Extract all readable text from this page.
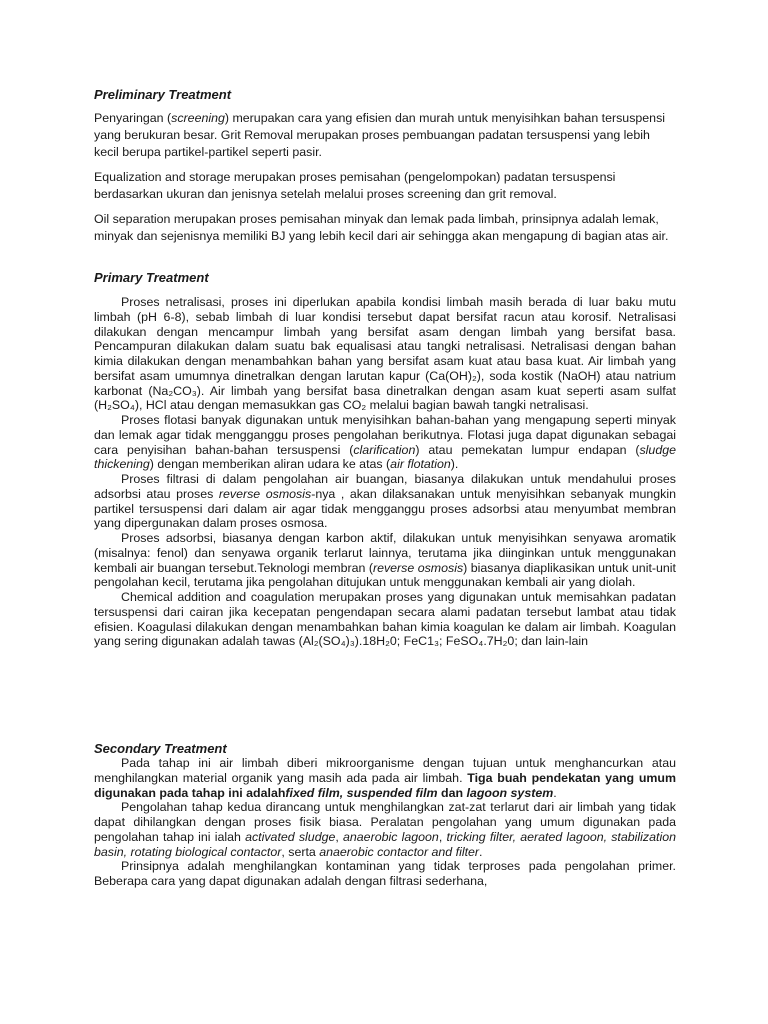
Preliminary Treatment

Penyaringan (screening) merupakan cara yang efisien dan murah untuk menyisihkan bahan tersuspensi yang berukuran besar. Grit Removal merupakan proses pembuangan padatan tersuspensi yang lebih kecil berupa partikel-partikel seperti pasir.

Equalization and storage merupakan proses pemisahan (pengelompokan) padatan tersuspensi berdasarkan ukuran dan jenisnya setelah melalui proses screening dan grit removal.

Oil separation merupakan proses pemisahan minyak dan lemak pada limbah, prinsipnya adalah lemak, minyak dan sejenisnya memiliki BJ yang lebih kecil dari air sehingga akan mengapung di bagian atas air.

Primary Treatment

Proses netralisasi, proses ini diperlukan apabila kondisi limbah masih berada di luar baku mutu limbah (pH 6-8), sebab limbah di luar kondisi tersebut dapat bersifat racun atau korosif. Netralisasi dilakukan dengan mencampur limbah yang bersifat asam dengan limbah yang bersifat basa. Pencampuran dilakukan dalam suatu bak equalisasi atau tangki netralisasi. Netralisasi dengan bahan kimia dilakukan dengan menambahkan bahan yang bersifat asam kuat atau basa kuat. Air limbah yang bersifat asam umumnya dinetralkan dengan larutan kapur (Ca(OH)₂), soda kostik (NaOH) atau natrium karbonat (Na₂CO₃). Air limbah yang bersifat basa dinetralkan dengan asam kuat seperti asam sulfat (H₂SO₄), HCl atau dengan memasukkan gas CO₂ melalui bagian bawah tangki netralisasi.

Proses flotasi banyak digunakan untuk menyisihkan bahan-bahan yang mengapung seperti minyak dan lemak agar tidak mengganggu proses pengolahan berikutnya. Flotasi juga dapat digunakan sebagai cara penyisihan bahan-bahan tersuspensi (clarification) atau pemekatan lumpur endapan (sludge thickening) dengan memberikan aliran udara ke atas (air flotation).

Proses filtrasi di dalam pengolahan air buangan, biasanya dilakukan untuk mendahului proses adsorbsi atau proses reverse osmosis-nya , akan dilaksanakan untuk menyisihkan sebanyak mungkin partikel tersuspensi dari dalam air agar tidak mengganggu proses adsorbsi atau menyumbat membran yang dipergunakan dalam proses osmosa.

Proses adsorbsi, biasanya dengan karbon aktif, dilakukan untuk menyisihkan senyawa aromatik (misalnya: fenol) dan senyawa organik terlarut lainnya, terutama jika diinginkan untuk menggunakan kembali air buangan tersebut.Teknologi membran (reverse osmosis) biasanya diaplikasikan untuk unit-unit pengolahan kecil, terutama jika pengolahan ditujukan untuk menggunakan kembali air yang diolah.

Chemical addition and coagulation merupakan proses yang digunakan untuk memisahkan padatan tersuspensi dari cairan jika kecepatan pengendapan secara alami padatan tersebut lambat atau tidak efisien. Koagulasi dilakukan dengan menambahkan bahan kimia koagulan ke dalam air limbah. Koagulan yang sering digunakan adalah tawas (Al₂(SO₄)₃).18H₂0; FeC1₃; FeSO₄.7H₂0; dan lain-lain

Secondary Treatment

Pada tahap ini air limbah diberi mikroorganisme dengan tujuan untuk menghancurkan atau menghilangkan material organik yang masih ada pada air limbah. Tiga buah pendekatan yang umum digunakan pada tahap ini adalahfixed film, suspended film dan lagoon system.

Pengolahan tahap kedua dirancang untuk menghilangkan zat-zat terlarut dari air limbah yang tidak dapat dihilangkan dengan proses fisik biasa. Peralatan pengolahan yang umum digunakan pada pengolahan tahap ini ialah activated sludge, anaerobic lagoon, tricking filter, aerated lagoon, stabilization basin, rotating biological contactor, serta anaerobic contactor and filter.

Prinsipnya adalah menghilangkan kontaminan yang tidak terproses pada pengolahan primer. Beberapa cara yang dapat digunakan adalah dengan filtrasi sederhana,
